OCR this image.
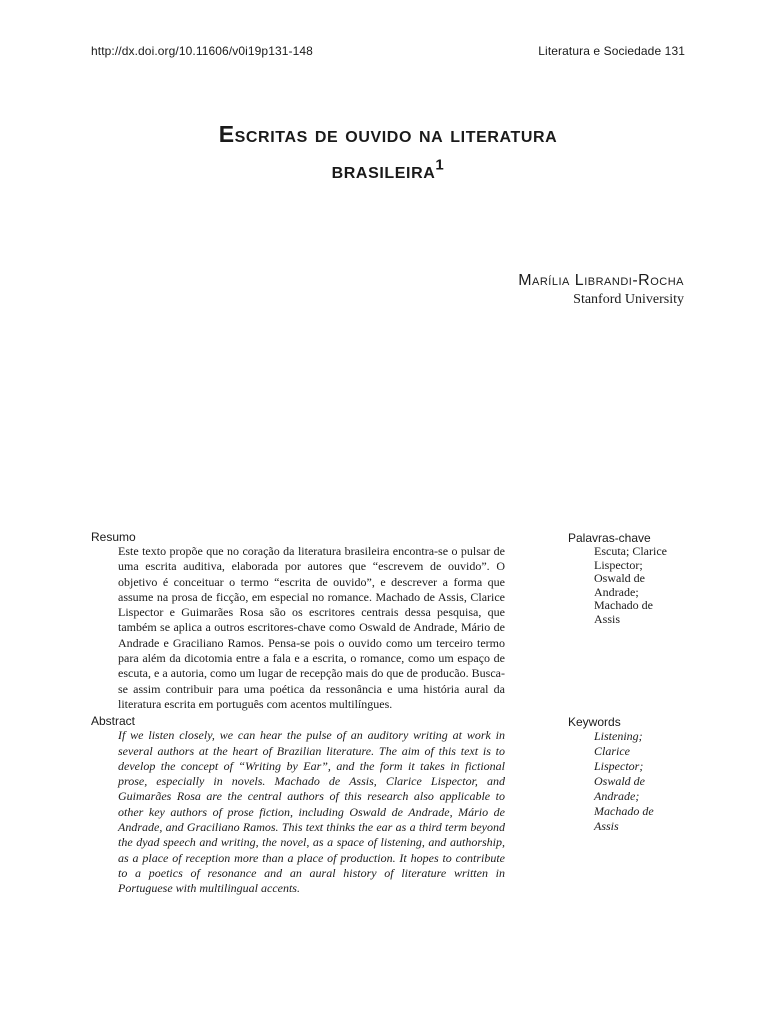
http://dx.doi.org/10.11606/v0i19p131-148	Literatura e Sociedade 131
Escritas de ouvido na literatura
brasileira$^1$
Marília Librandi-Rocha
Stanford University
Resumo
Este texto propõe que no coração da literatura brasileira encontra-se o pulsar de uma escrita auditiva, elaborada por autores que “escrevem de ouvido”. O objetivo é conceituar o termo “escrita de ouvido”, e descrever a forma que assume na prosa de ficção, em especial no romance. Machado de Assis, Clarice Lispector e Guimarães Rosa são os escritores centrais dessa pesquisa, que também se aplica a outros escritores-chave como Oswald de Andrade, Mário de Andrade e Graciliano Ramos. Pensa-se pois o ouvido como um terceiro termo para além da dicotomia entre a fala e a escrita, o romance, como um espaço de escuta, e a autoria, como um lugar de recepção mais do que de producão. Busca-se assim contribuir para uma poética da ressonância e uma história aural da literatura escrita em português com acentos multilíngues.
Abstract
If we listen closely, we can hear the pulse of an auditory writing at work in several authors at the heart of Brazilian literature. The aim of this text is to develop the concept of “Writing by Ear”, and the form it takes in fictional prose, especially in novels. Machado de Assis, Clarice Lispector, and Guimarães Rosa are the central authors of this research also applicable to other key authors of prose fiction, including Oswald de Andrade, Mário de Andrade, and Graciliano Ramos. This text thinks the ear as a third term beyond the dyad speech and writing, the novel, as a space of listening, and authorship, as a place of reception more than a place of production. It hopes to contribute to a poetics of resonance and an aural history of literature written in Portuguese with multilingual accents.
Palavras-chave
Escuta; Clarice
Lispector;
Oswald de
Andrade;
Machado de
Assis
Keywords
Listening;
Clarice
Lispector;
Oswald de
Andrade;
Machado de
Assis
